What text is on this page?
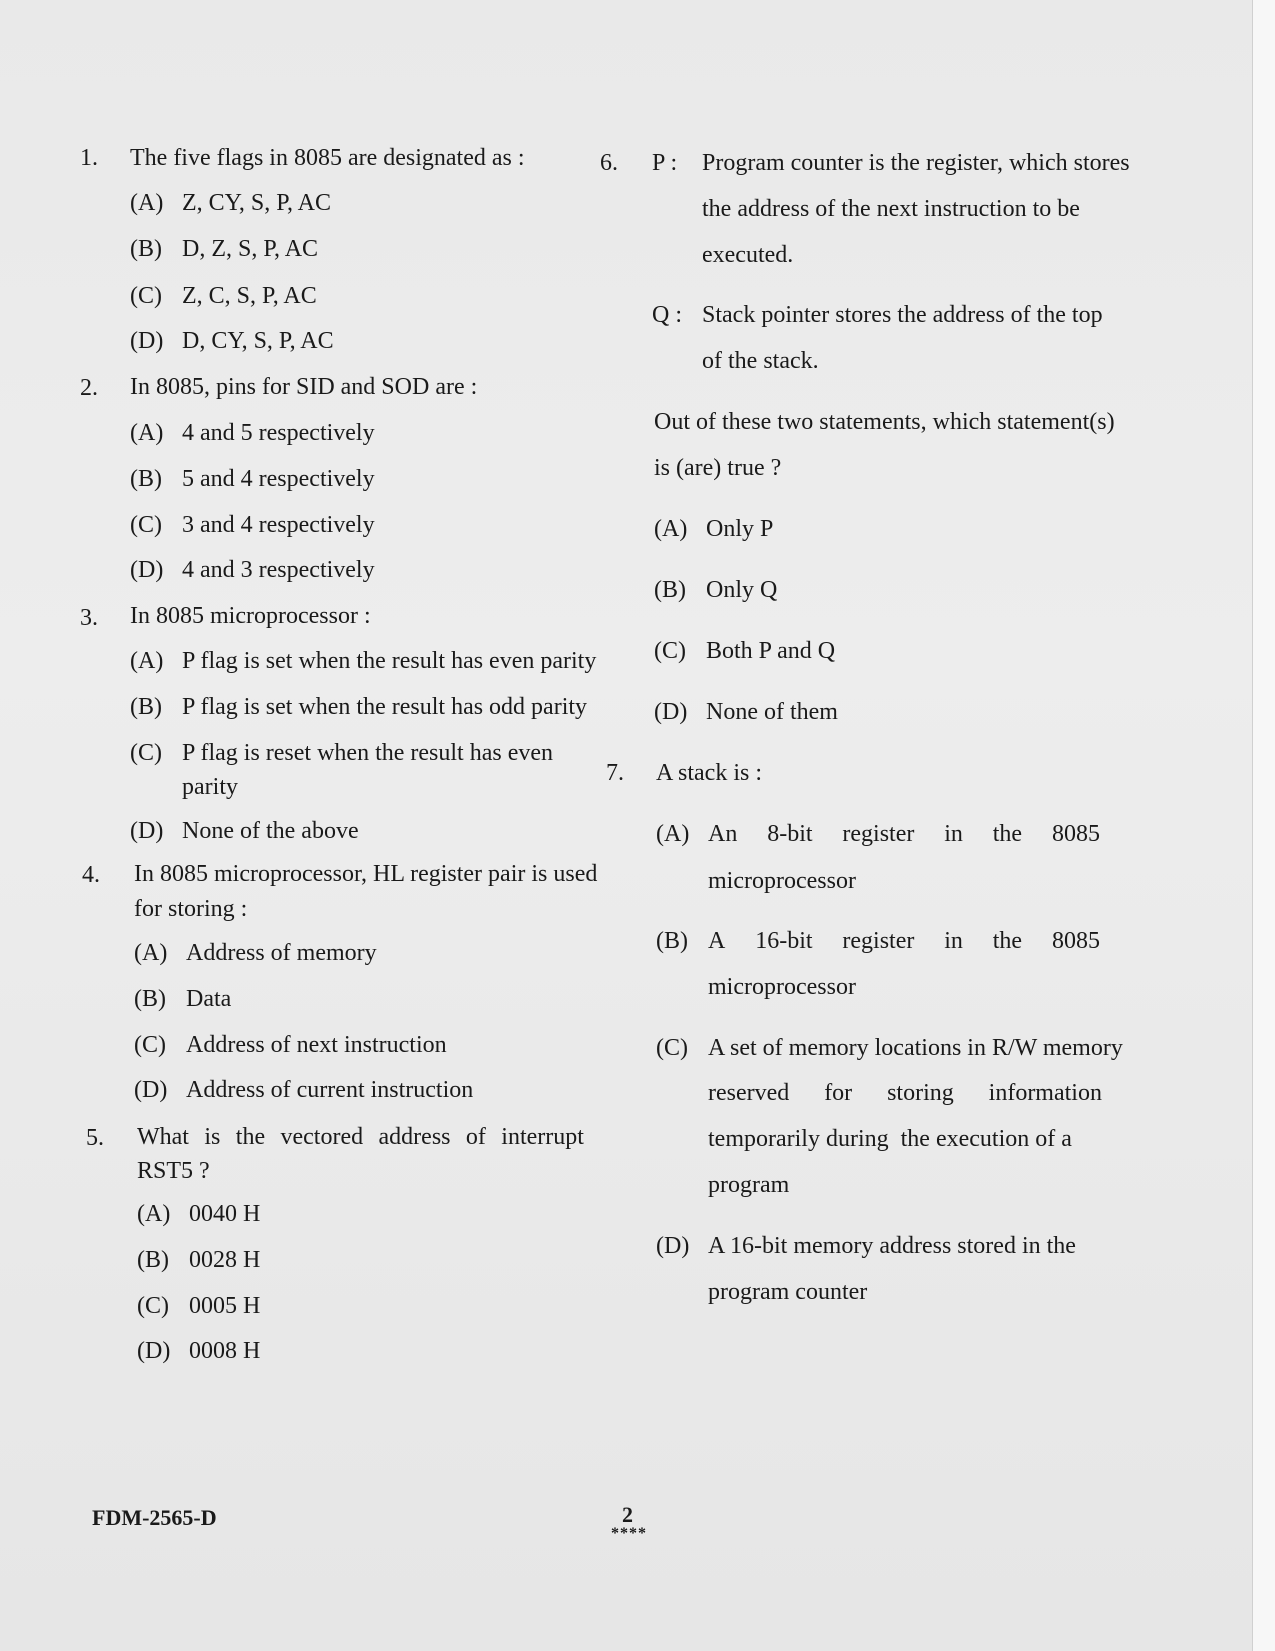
1. The five flags in 8085 are designated as :
(A) Z, CY, S, P, AC
(B) D, Z, S, P, AC
(C) Z, C, S, P, AC
(D) D, CY, S, P, AC
2. In 8085, pins for SID and SOD are :
(A) 4 and 5 respectively
(B) 5 and 4 respectively
(C) 3 and 4 respectively
(D) 4 and 3 respectively
3. In 8085 microprocessor :
(A) P flag is set when the result has even parity
(B) P flag is set when the result has odd parity
(C) P flag is reset when the result has even
parity
(D) None of the above
4. In 8085 microprocessor, HL register pair is used
for storing :
(A) Address of memory
(B) Data
(C) Address of next instruction
(D) Address of current instruction
5. What is the vectored address of interrupt
RST5 ?
(A) 0040 H
(B) 0028 H
(C) 0005 H
(D) 0008 H
6. P : Program counter is the register, which stores
the address of the next instruction to be
executed.
Q : Stack pointer stores the address of the top
of the stack.
Out of these two statements, which statement(s)
is (are) true ?
(A) Only P
(B) Only Q
(C) Both P and Q
(D) None of them
7. A stack is :
(A) An 8-bit register in the 8085
microprocessor
(B) A 16-bit register in the 8085
microprocessor
(C) A set of memory locations in R/W memory
reserved for storing information
temporarily during  the execution of a
program
(D) A 16-bit memory address stored in the
program counter
FDM-2565-D	2
****
